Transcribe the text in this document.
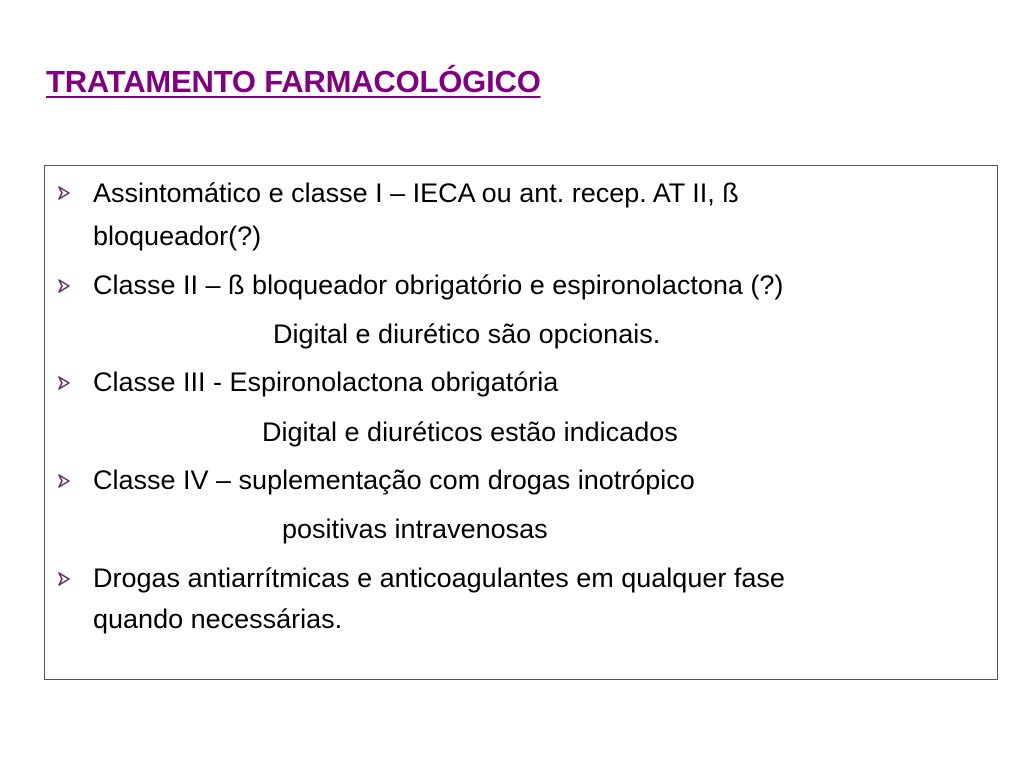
TRATAMENTO FARMACOLÓGICO

Assintomático e classe I – IECA ou ant. recep. AT II, ß

bloqueador(?)

Classe II – ß bloqueador obrigatório e espironolactona (?)

Digital e diurético são opcionais.

Classe III - Espironolactona obrigatória

Digital e diuréticos estão indicados

Classe IV – suplementação com drogas inotrópico

positivas intravenosas

Drogas antiarrítmicas e anticoagulantes em qualquer fase

quando necessárias.
